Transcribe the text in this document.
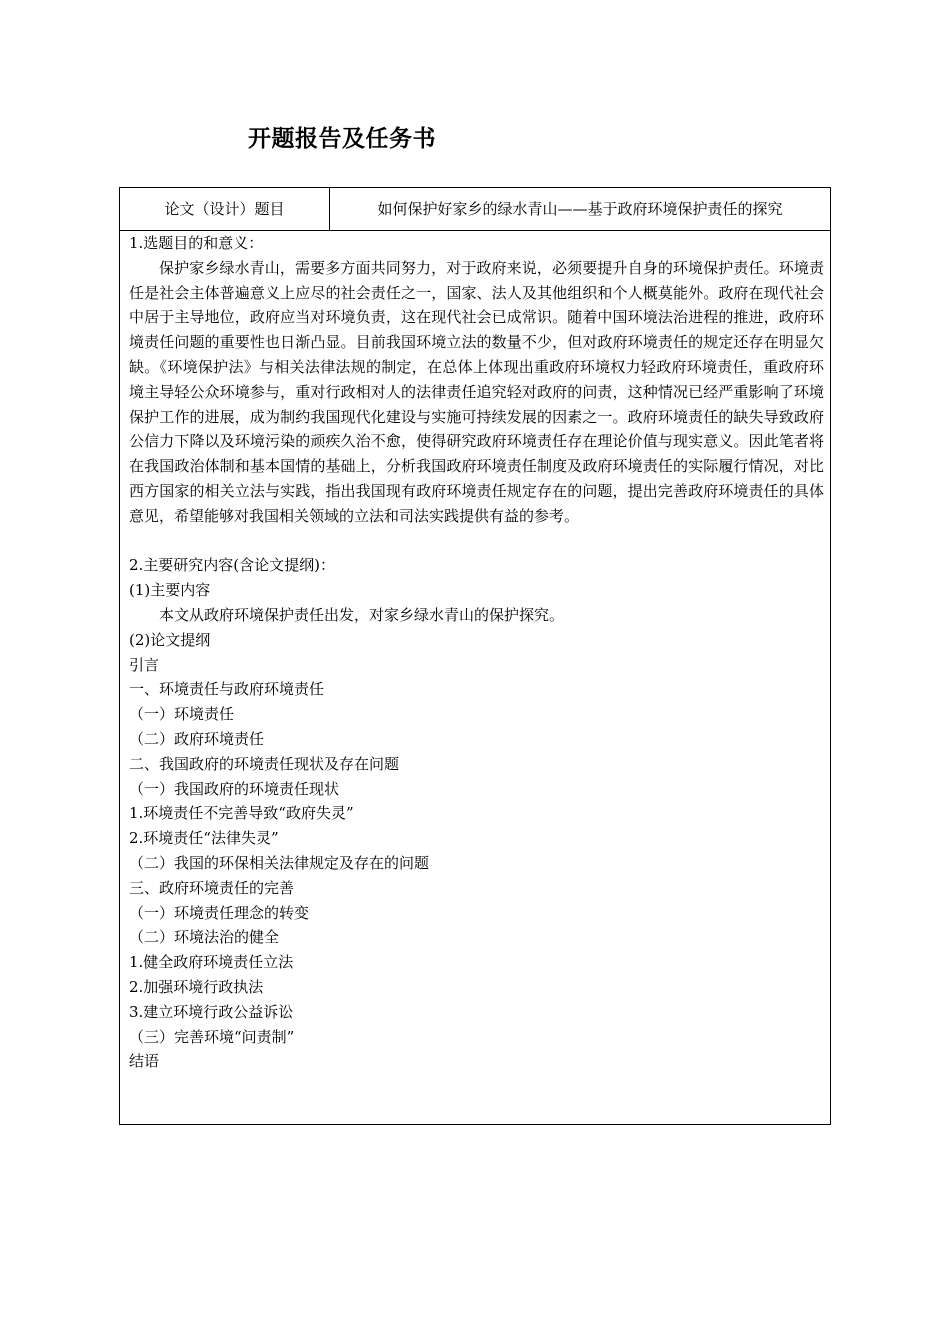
开题报告及任务书
论文（设计）题目	如何保护好家乡的绿水青山——基于政府环境保护责任的探究
1.选题目的和意义：

保护家乡绿水青山，需要多方面共同努力，对于政府来说，必须要提升自身的环境保护责任。环境责任是社会主体普遍意义上应尽的社会责任之一，国家、法人及其他组织和个人概莫能外。政府在现代社会中居于主导地位，政府应当对环境负责，这在现代社会已成常识。随着中国环境法治进程的推进，政府环境责任问题的重要性也日渐凸显。目前我国环境立法的数量不少，但对政府环境责任的规定还存在明显欠缺。《环境保护法》与相关法律法规的制定，在总体上体现出重政府环境权力轻政府环境责任，重政府环境主导轻公众环境参与，重对行政相对人的法律责任追究轻对政府的问责，这种情况已经严重影响了环境保护工作的进展，成为制约我国现代化建设与实施可持续发展的因素之一。政府环境责任的缺失导致政府公信力下降以及环境污染的顽疾久治不愈，使得研究政府环境责任存在理论价值与现实意义。因此笔者将在我国政治体制和基本国情的基础上，分析我国政府环境责任制度及政府环境责任的实际履行情况，对比西方国家的相关立法与实践，指出我国现有政府环境责任规定存在的问题，提出完善政府环境责任的具体意见，希望能够对我国相关领域的立法和司法实践提供有益的参考。

2.主要研究内容(含论文提纲)：
(1)主要内容
本文从政府环境保护责任出发，对家乡绿水青山的保护探究。
(2)论文提纲
引言
一、环境责任与政府环境责任
（一）环境责任
（二）政府环境责任
二、我国政府的环境责任现状及存在问题
（一）我国政府的环境责任现状
1.环境责任不完善导致“政府失灵”
2.环境责任“法律失灵”
（二）我国的环保相关法律规定及存在的问题
三、政府环境责任的完善
（一）环境责任理念的转变
（二）环境法治的健全
1.健全政府环境责任立法
2.加强环境行政执法
3.建立环境行政公益诉讼
（三）完善环境“问责制”
结语
